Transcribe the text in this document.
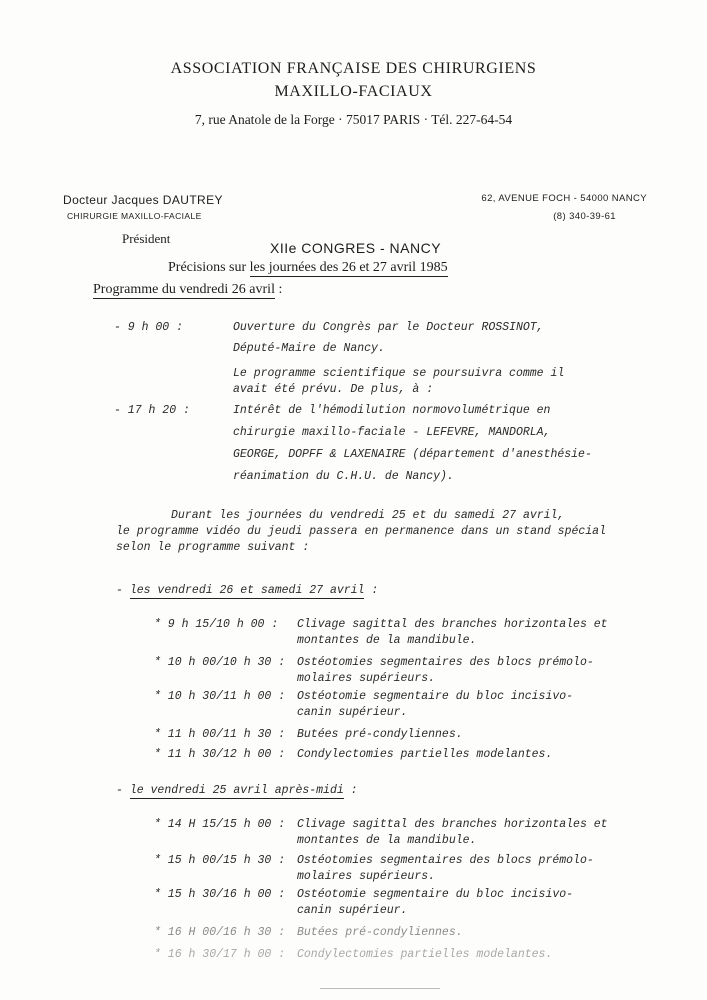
ASSOCIATION FRANÇAISE DES CHIRURGIENS
MAXILLO-FACIAUX
7, rue Anatole de la Forge · 75017 PARIS · Tél. 227-64-54
Docteur Jacques DAUTREY
CHIRURGIE MAXILLO-FACIALE
62, AVENUE FOCH - 54000 NANCY
(8) 340-39-61
Président
XIIe CONGRES - NANCY
Précisions sur les journées des 26 et 27 avril 1985
Programme du vendredi 26 avril :
- 9 h 00 :	Ouverture du Congrès par le Docteur ROSSINOT,
Député-Maire de Nancy.
Le programme scientifique se poursuivra comme il
avait été prévu. De plus, à :
- 17 h 20 :	Intérêt de l'hémodilution normovolumétrique en
chirurgie maxillo-faciale - LEFEVRE, MANDORLA,
GEORGE, DOPFF & LAXENAIRE (département d'anesthésie-
réanimation du C.H.U. de Nancy).
Durant les journées du vendredi 25 et du samedi 27 avril,
le programme vidéo du jeudi passera en permanence dans un stand spécial
selon le programme suivant :
- les vendredi 26 et samedi 27 avril :
* 9 h 15/10 h 00 : Clivage sagittal des branches horizontales et
montantes de la mandibule.
* 10 h 00/10 h 30 : Ostéotomies segmentaires des blocs prémolo-
molaires supérieurs.
* 10 h 30/11 h 00 : Ostéotomie segmentaire du bloc incisivo-
canin supérieur.
* 11 h 00/11 h 30 : Butées pré-condyliennes.
* 11 h 30/12 h 00 : Condylectomies partielles modelantes.
- le vendredi 25 avril après-midi :
* 14 H 15/15 h 00 : Clivage sagittal des branches horizontales et
montantes de la mandibule.
* 15 h 00/15 h 30 : Ostéotomies segmentaires des blocs prémolo-
molaires supérieurs.
* 15 h 30/16 h 00 : Ostéotomie segmentaire du bloc incisivo-
canin supérieur.
* 16 H 00/16 h 30 : Butées pré-condyliennes.
* 16 h 30/17 h 00 : Condylectomies partielles modelantes.
